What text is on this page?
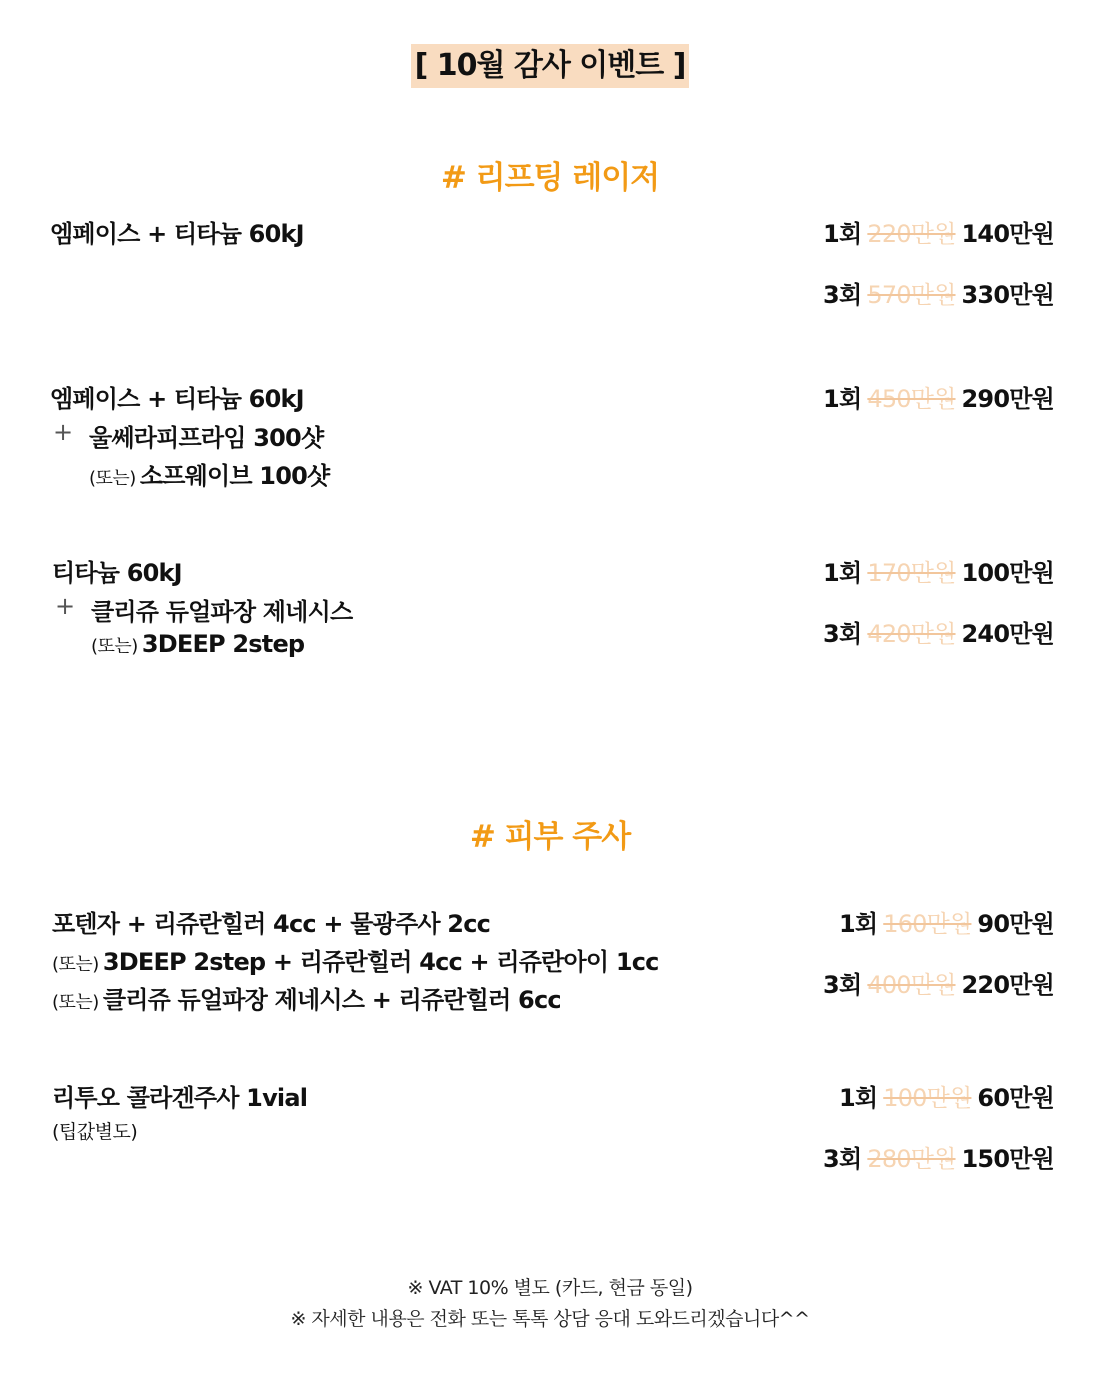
[ 10월 감사 이벤트 ]
# 리프팅 레이저
엠페이스 + 티타늄 60kJ	1회 220만원 140만원
3회 570만원 330만원
엠페이스 + 티타늄 60kJ
+ 울쎄라피프라임 300샷
(또는) 소프웨이브 100샷
1회 450만원 290만원
티타늄 60kJ
+ 클리쥬 듀얼파장 제네시스
(또는) 3DEEP 2step
1회 170만원 100만원
3회 420만원 240만원
# 피부 주사
포텐자 + 리쥬란힐러 4cc + 물광주사 2cc
(또는) 3DEEP 2step + 리쥬란힐러 4cc + 리쥬란아이 1cc
(또는) 클리쥬 듀얼파장 제네시스 + 리쥬란힐러 6cc
1회 160만원 90만원
3회 400만원 220만원
리투오 콜라겐주사 1vial
(팁값별도)
1회 100만원 60만원
3회 280만원 150만원
※ VAT 10% 별도 (카드, 현금 동일)
※ 자세한 내용은 전화 또는 톡톡 상담 응대 도와드리겠습니다^^
